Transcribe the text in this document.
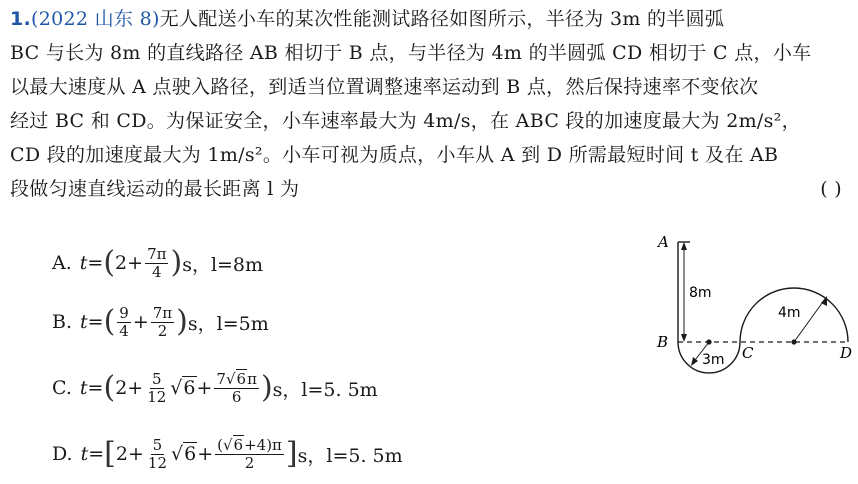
1.(2022 山东 8)无人配送小车的某次性能测试路径如图所示，半径为 3m 的半圆弧
BC 与长为 8m 的直线路径 AB 相切于 B 点，与半径为 4m 的半圆弧 CD 相切于 C 点，小车
以最大速度从 A 点驶入路径，到适当位置调整速率运动到 B 点，然后保持速率不变依次
经过 BC 和 CD。为保证安全，小车速率最大为 4m/s，在 ABC 段的加速度最大为 2m/s²，
CD 段的加速度最大为 1m/s²。小车可视为质点，小车从 A 到 D 所需最短时间 t 及在 AB
段做匀速直线运动的最长距离 l 为	( )
A. t= ( $2+ \frac{7\pi}{4}$ ) s，l=8m
B. t= ( $\frac{9}{4} + \frac{7\pi}{2}$ ) s，l=5m
C. t= ( $2+ \frac{5}{12} √6 + \frac{7√6\pi}{6}$ ) s，l=5. 5m
D. t= [ $2+ \frac{5}{12} √6 + \frac{(√6+4)\pi}{2}$ ] s，l=5. 5m
A
B
C	D
8m
3m
4m
